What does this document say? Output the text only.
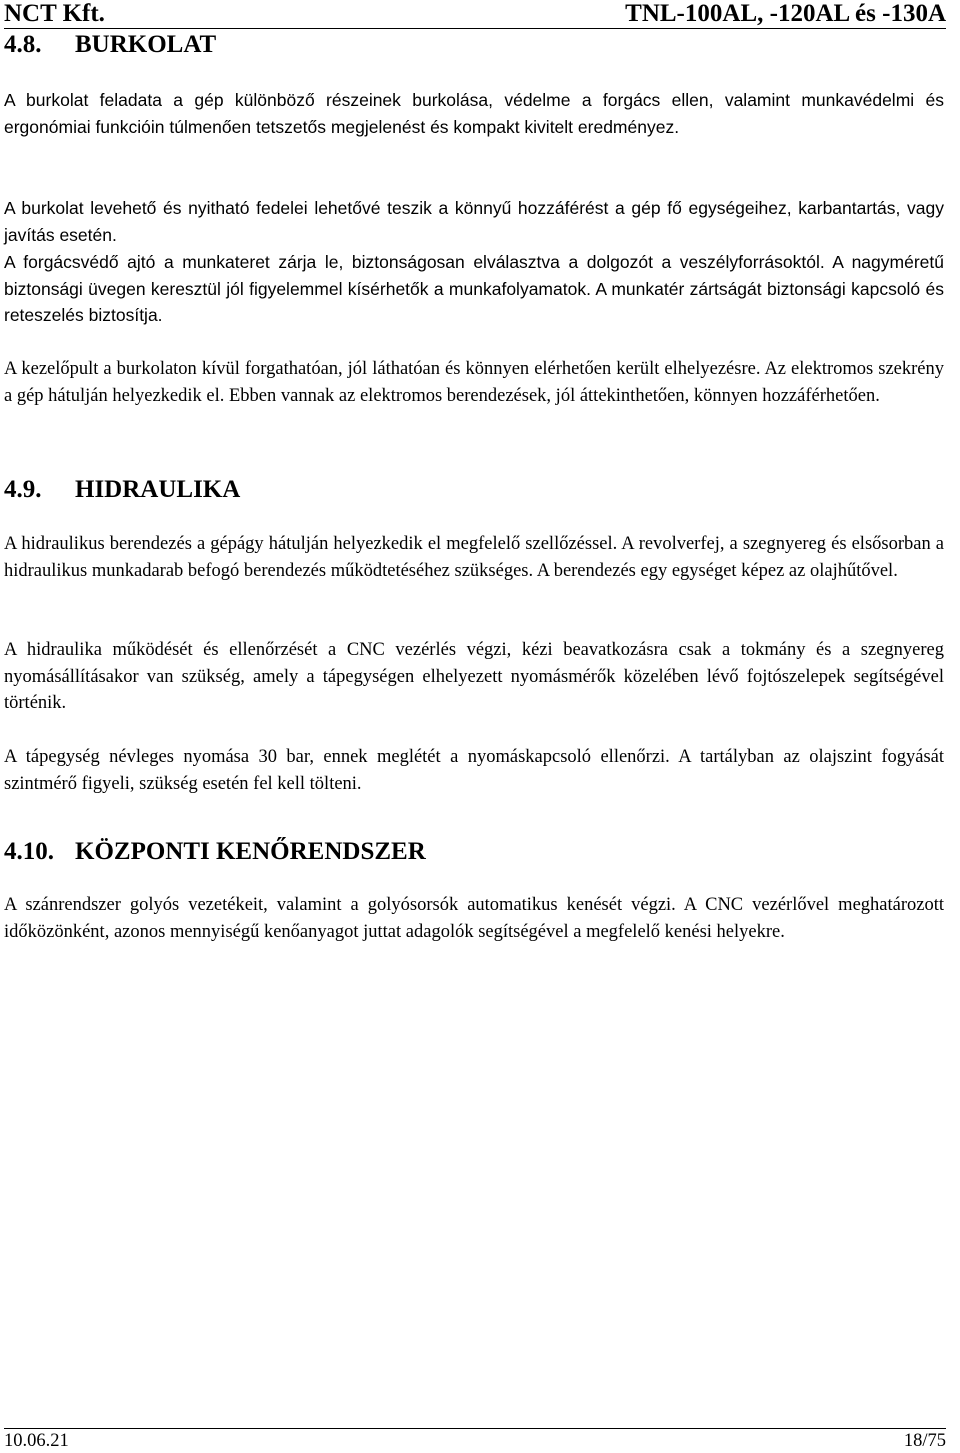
NCT Kft.	TNL-100AL, -120AL és -130A
4.8. BURKOLAT
A burkolat feladata a gép különböző részeinek burkolása, védelme a forgács ellen, valamint munkavédelmi és ergonómiai funkcióin túlmenően tetszetős megjelenést és kompakt kivitelt eredményez.
A burkolat levehető és nyitható fedelei lehetővé teszik a könnyű hozzáférést a gép fő egységeihez, karbantartás, vagy javítás esetén.
A forgácsvédő ajtó a munkateret zárja le, biztonságosan elválasztva a dolgozót a veszélyforrásoktól. A nagyméretű biztonsági üvegen keresztül jól figyelemmel kísérhetők a munkafolyamatok. A munkatér zártságát biztonsági kapcsoló és reteszelés biztosítja.
A kezelőpult a burkolaton kívül forgathatóan, jól láthatóan és könnyen elérhetően került elhelyezésre. Az elektromos szekrény a gép hátulján helyezkedik el. Ebben vannak az elektromos berendezések, jól áttekinthetően, könnyen hozzáférhetően.
4.9. HIDRAULIKA
A hidraulikus berendezés a gépágy hátulján helyezkedik el megfelelő szellőzéssel. A revolverfej, a szegnyereg és elsősorban a hidraulikus munkadarab befogó berendezés működtetéséhez szükséges. A berendezés egy egységet képez az olajhűtővel.
A hidraulika működését és ellenőrzését a CNC vezérlés végzi, kézi beavatkozásra csak a tokmány és a szegnyereg nyomásállításakor van szükség, amely a tápegységen elhelyezett nyomásmérők közelében lévő fojtószelepek segítségével történik.
A tápegység névleges nyomása 30 bar, ennek meglétét a nyomáskapcsoló ellenőrzi. A tartályban az olajszint fogyását szintmérő figyeli, szükség esetén fel kell tölteni.
4.10. KÖZPONTI KENŐRENDSZER
A szánrendszer golyós vezetékeit, valamint a golyósorsók automatikus kenését végzi. A CNC vezérlővel meghatározott időközönként, azonos mennyiségű kenőanyagot juttat adagolók segítségével a megfelelő kenési helyekre.
10.06.21	18/75
